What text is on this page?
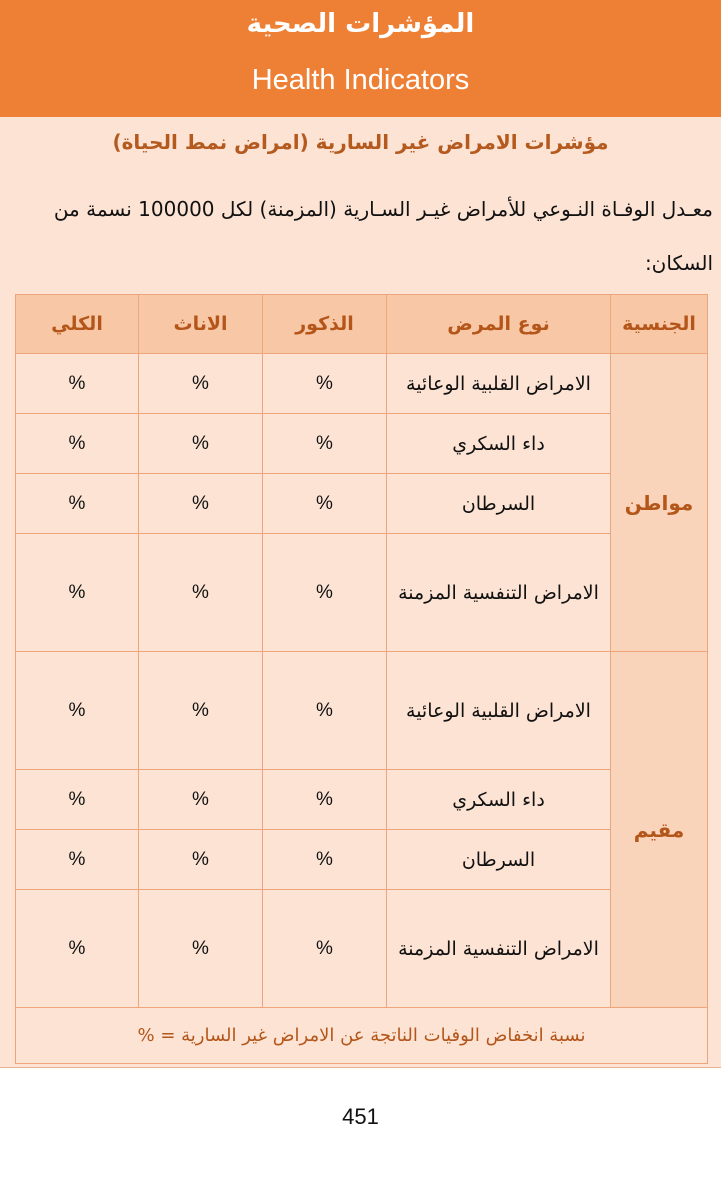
المؤشرات الصحية
Health Indicators
مؤشرات الامراض غير السارية (امراض نمط الحياة)
معـدل الوفـاة النـوعي للأمراض غيـر السـارية (المزمنة) لكل 100000 نسمة من السكان:
الجنسية	نوع المرض	الذكور	الاناث	الكلي
مواطن	الامراض القلبية الوعائية	%	%	%
	داء السكري	%	%	%
	السرطان	%	%	%
	الامراض التنفسية المزمنة	%	%	%
مقيم	الامراض القلبية الوعائية	%	%	%
	داء السكري	%	%	%
	السرطان	%	%	%
	الامراض التنفسية المزمنة	%	%	%
نسبة انخفاض الوفيات الناتجة عن الامراض غير السارية = %				
451
